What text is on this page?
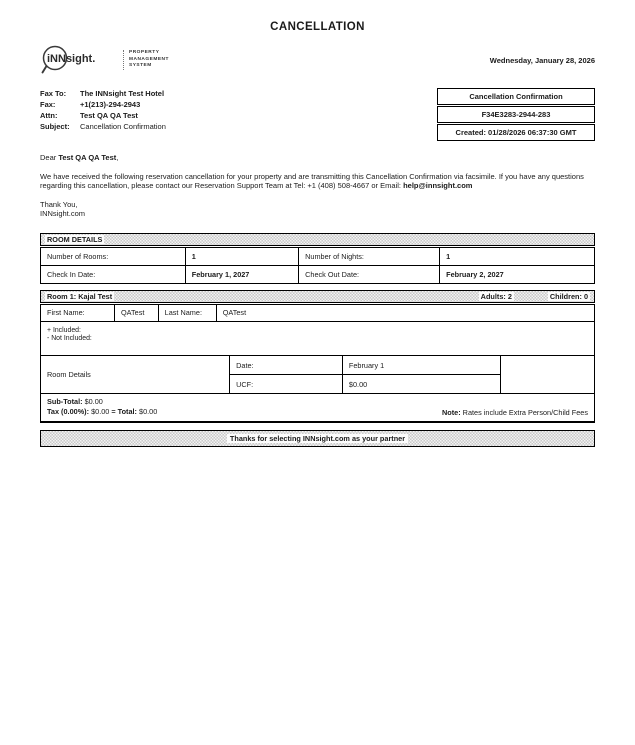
CANCELLATION
iNNsight.
PROPERTY
MANAGEMENT
SYSTEM
Wednesday, January 28, 2026
Fax To:	The INNsight Test Hotel
Fax:	+1(213)-294-2943
Attn:	Test QA QA Test
Subject:	Cancellation Confirmation
Cancellation Confirmation
F34E3283-2944-283
Created: 01/28/2026 06:37:30 GMT
Dear Test QA QA Test,
We have received the following reservation cancellation for your property and are transmitting this Cancellation Confirmation via facsimile. If you have any questions regarding this cancellation, please contact our Reservation Support Team at Tel: +1 (408) 508-4667 or Email: help@innsight.com
Thank You,
INNsight.com
ROOM DETAILS
Number of Rooms:	1	Number of Nights:	1
Check In Date:	February 1, 2027	Check Out Date:	February 2, 2027
Room 1: Kajal Test	Adults: 2	Children: 0
First Name:	QATest	Last Name:	QATest
+ Included:
- Not Included:
Room Details
Date:	February 1
UCF:	$0.00
Sub-Total: $0.00
Tax (0.00%): $0.00 = Total: $0.00	Note: Rates include Extra Person/Child Fees
Thanks for selecting INNsight.com as your partner
